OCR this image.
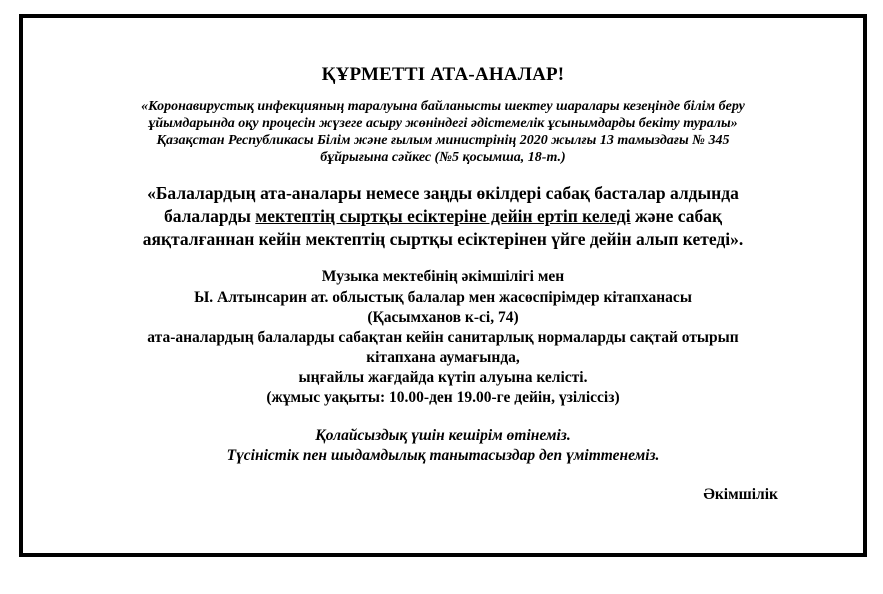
ҚҰРМЕТТІ АТА-АНАЛАР!
«Коронавирустық инфекцияның таралуына байланысты шектеу шаралары кезеңінде білім беру
ұйымдарында оқу процесін жүзеге асыру жөніндегі әдістемелік ұсынымдарды бекіту туралы»
Қазақстан Республикасы Білім және ғылым министрінің 2020 жылғы 13 тамыздағы № 345
бұйрығына сәйкес (№5 қосымша, 18-т.)
«Балалардың ата-аналары немесе заңды өкілдері сабақ басталар алдында
балаларды мектептің сыртқы есіктеріне дейін ертіп келеді және сабақ
аяқталғаннан кейін мектептің сыртқы есіктерінен үйге дейін алып кетеді».
Музыка мектебінің әкімшілігі мен
Ы. Алтынсарин ат. облыстық балалар мен жасөспірімдер кітапханасы
(Қасымханов к-сі, 74)
ата-аналардың балаларды сабақтан кейін санитарлық нормаларды сақтай отырып
кітапхана аумағында,
ыңғайлы жағдайда күтіп алуына келісті.
(жұмыс уақыты: 10.00-ден 19.00-ге дейін, үзіліссіз)
Қолайсыздық үшін кешірім өтінеміз.
Түсіністік пен шыдамдылық танытасыздар деп үміттенеміз.
Әкімшілік
